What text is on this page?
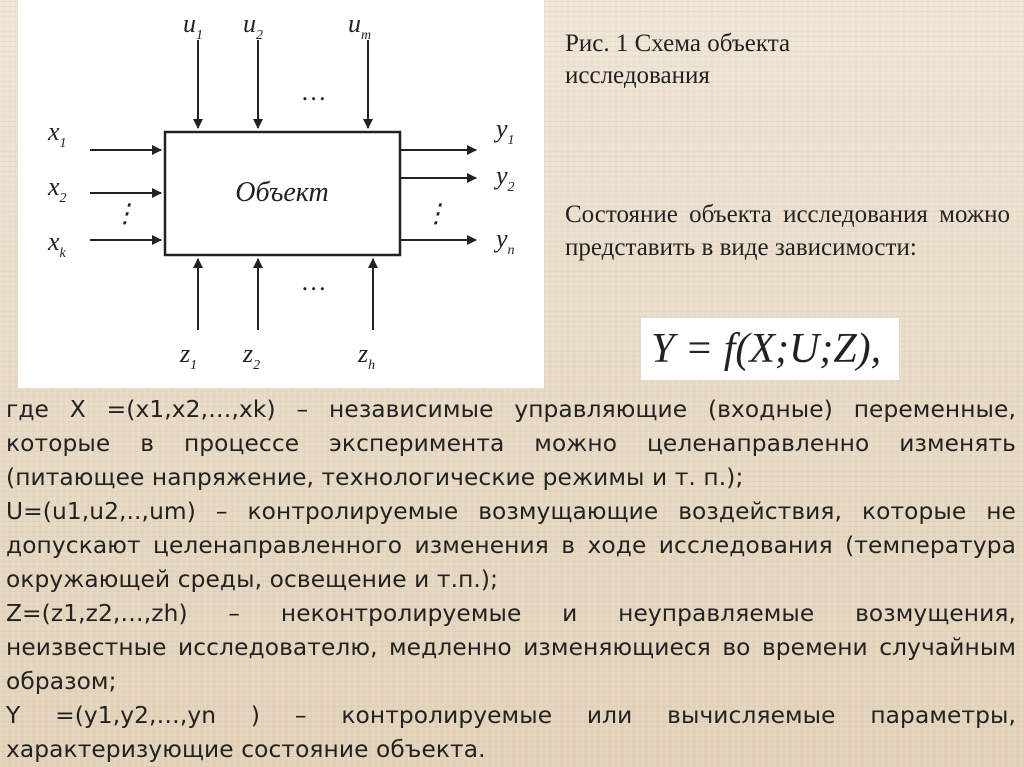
Объект
$u_1$ $u_2$	$u_m$
…
$x_1$
$x_2$
$x_k$
⋮
$y_1$
$y_2$
$y_n$
⋮
$z_1$ $z_2$	$z_h$
…
Рис. 1 Схема объекта исследования
Состояние объекта исследования можно представить в виде зависимости:
Y = f(X;U;Z),

где X =(x1,x2,…,xk) – независимые управляющие (входные) переменные, которые в процессе эксперимента можно целенаправленно изменять (питающее напряжение, технологические режимы и т. п.);

U=(u1,u2,..,um) – контролируемые возмущающие воздействия, которые не допускают целенаправленного изменения в ходе исследования (температура окружающей среды, освещение и т.п.);

Z=(z1,z2,…,zh) – неконтролируемые и неуправляемые возмущения, неизвестные исследователю, медленно изменяющиеся во времени случайным образом;

Y =(y1,y2,…,yn ) – контролируемые или вычисляемые параметры, характеризующие состояние объекта.
